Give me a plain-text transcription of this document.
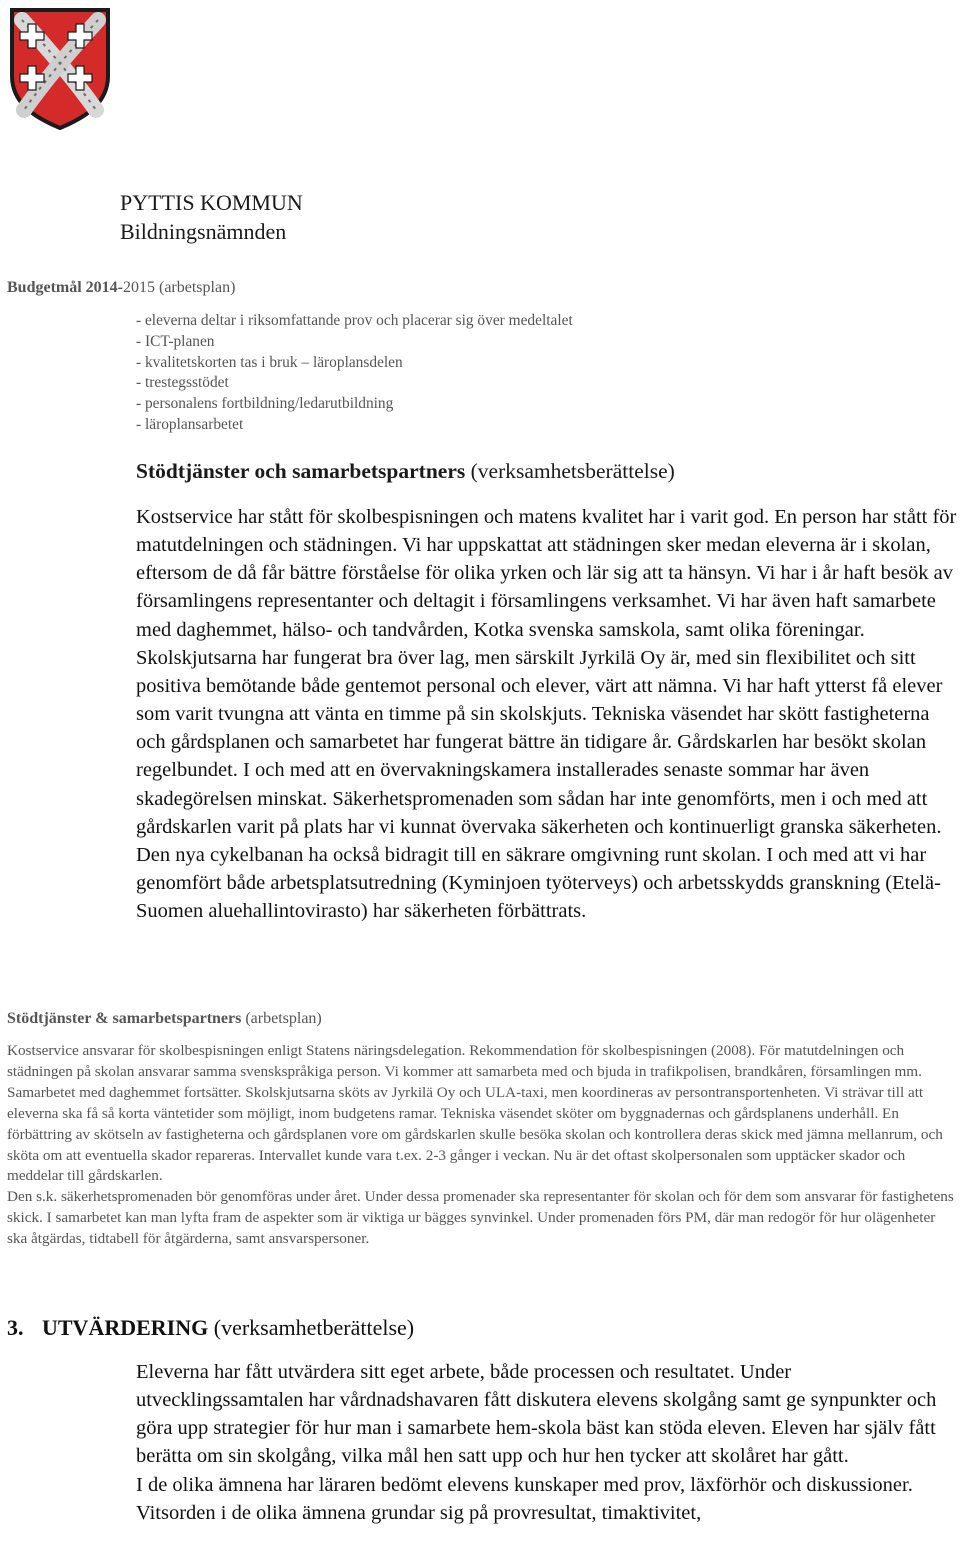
PYTTIS KOMMUN
Bildningsnämnden
Budgetmål 2014-2015 (arbetsplan)
- eleverna deltar i riksomfattande prov och placerar sig över medeltalet
- ICT-planen
- kvalitetskorten tas i bruk – läroplansdelen
- trestegsstödet
- personalens fortbildning/ledarutbildning
- läroplansarbetet
Stödtjänster och samarbetspartners (verksamhetsberättelse)

Kostservice har stått för skolbespisningen och matens kvalitet har i varit god. En person har stått för matutdelningen och städningen. Vi har uppskattat att städningen sker medan eleverna är i skolan, eftersom de då får bättre förståelse för olika yrken och lär sig att ta hänsyn. Vi har i år haft besök av församlingens representanter och deltagit i församlingens verksamhet. Vi har även haft samarbete med daghemmet, hälso- och tandvården, Kotka svenska samskola, samt olika föreningar. Skolskjutsarna har fungerat bra över lag, men särskilt Jyrkilä Oy är, med sin flexibilitet och sitt positiva bemötande både gentemot personal och elever, värt att nämna. Vi har haft ytterst få elever som varit tvungna att vänta en timme på sin skolskjuts. Tekniska väsendet har skött fastigheterna och gårdsplanen och samarbetet har fungerat bättre än tidigare år. Gårdskarlen har besökt skolan regelbundet. I och med att en övervakningskamera installerades senaste sommar har även skadegörelsen minskat. Säkerhetspromenaden som sådan har inte genomförts, men i och med att gårdskarlen varit på plats har vi kunnat övervaka säkerheten och kontinuerligt granska säkerheten. Den nya cykelbanan ha också bidragit till en säkrare omgivning runt skolan. I och med att vi har genomfört både arbetsplatsutredning (Kyminjoen työterveys) och arbetsskydds granskning (Etelä-Suomen aluehallintovirasto) har säkerheten förbättrats.

Stödtjänster & samarbetspartners (arbetsplan)
Kostservice ansvarar för skolbespisningen enligt Statens näringsdelegation. Rekommendation för skolbespisningen (2008). För matutdelningen och städningen på skolan ansvarar samma svenskspråkiga person. Vi kommer att samarbeta med och bjuda in trafikpolisen, brandkåren, församlingen mm. Samarbetet med daghemmet fortsätter. Skolskjutsarna sköts av Jyrkilä Oy och ULA-taxi, men koordineras av persontransportenheten. Vi strävar till att eleverna ska få så korta väntetider som möjligt, inom budgetens ramar. Tekniska väsendet sköter om byggnadernas och gårdsplanens underhåll. En förbättring av skötseln av fastigheterna och gårdsplanen vore om gårdskarlen skulle besöka skolan och kontrollera deras skick med jämna mellanrum, och sköta om att eventuella skador repareras. Intervallet kunde vara t.ex. 2-3 gånger i veckan. Nu är det oftast skolpersonalen som upptäcker skador och meddelar till gårdskarlen.
Den s.k. säkerhetspromenaden bör genomföras under året. Under dessa promenader ska representanter för skolan och för dem som ansvarar för fastighetens skick. I samarbetet kan man lyfta fram de aspekter som är viktiga ur bägges synvinkel. Under promenaden förs PM, där man redogör för hur olägenheter ska åtgärdas, tidtabell för åtgärderna, samt ansvarspersoner.
3. UTVÄRDERING (verksamhetberättelse)
Eleverna har fått utvärdera sitt eget arbete, både processen och resultatet. Under utvecklingssamtalen har vårdnadshavaren fått diskutera elevens skolgång samt ge synpunkter och göra upp strategier för hur man i samarbete hem-skola bäst kan stöda eleven. Eleven har själv fått berätta om sin skolgång, vilka mål hen satt upp och hur hen tycker att skolåret har gått.
I de olika ämnena har läraren bedömt elevens kunskaper med prov, läxförhör och diskussioner. Vitsorden i de olika ämnena grundar sig på provresultat, timaktivitet,
